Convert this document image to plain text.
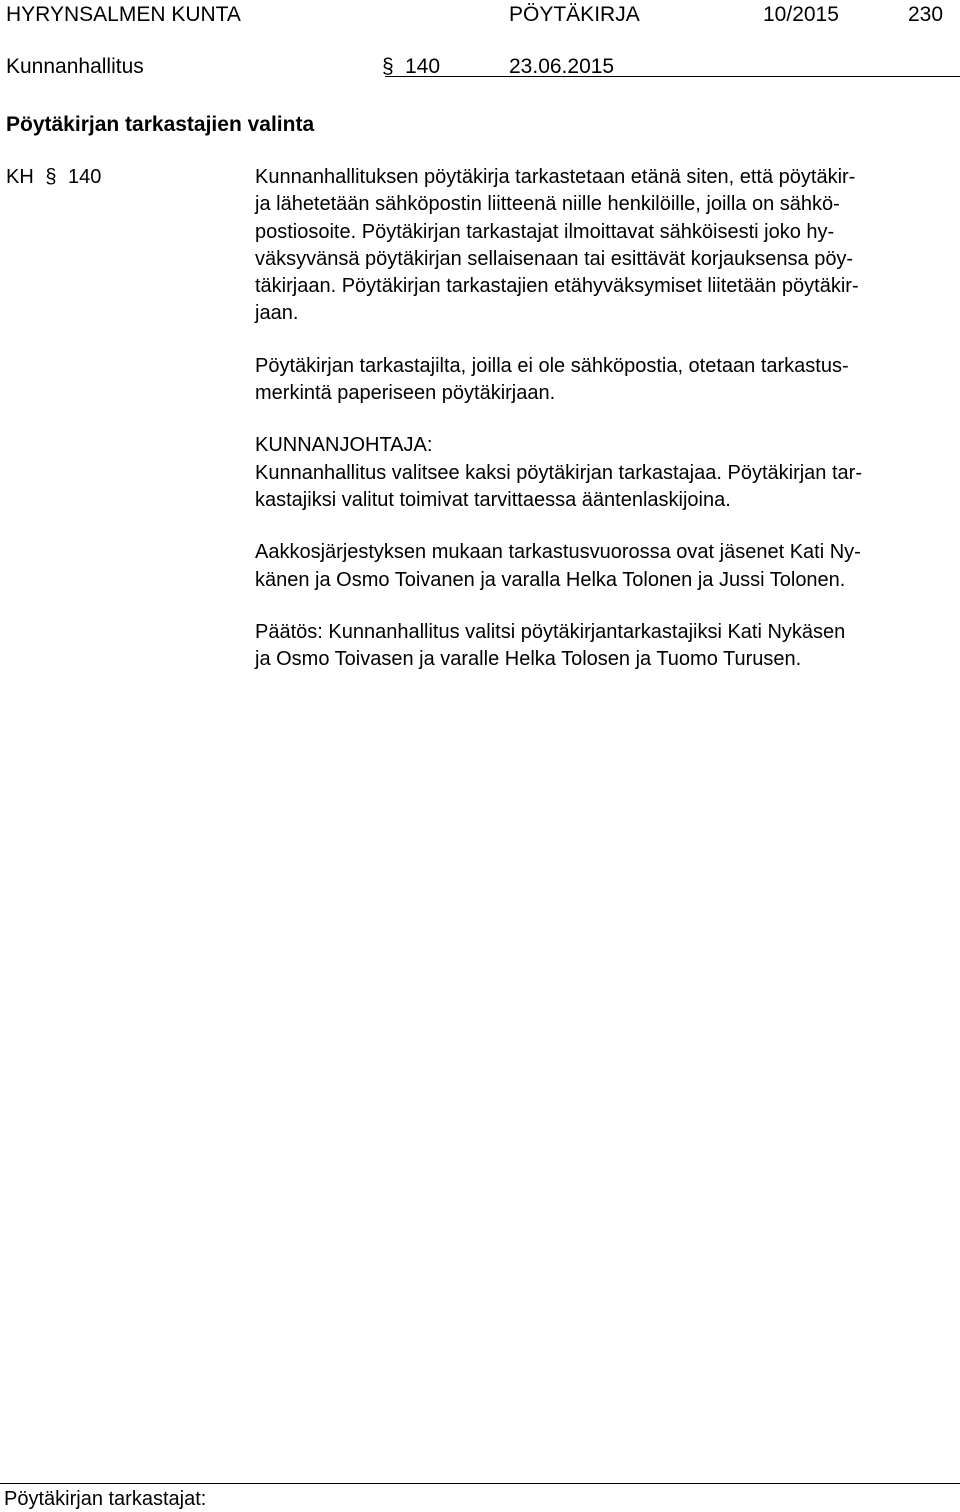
HYRYNSALMEN KUNTA	PÖYTÄKIRJA	10/2015	230
Kunnanhallitus	§ 140	23.06.2015
Pöytäkirjan tarkastajien valinta
KH § 140	Kunnanhallituksen pöytäkirja tarkastetaan etänä siten, että pöytäkir-
ja lähetetään sähköpostin liitteenä niille henkilöille, joilla on sähkö-
postiosoite. Pöytäkirjan tarkastajat ilmoittavat sähköisesti joko hy-
väksyvänsä pöytäkirjan sellaisenaan tai esittävät korjauksensa pöy-
täkirjaan. Pöytäkirjan tarkastajien etähyväksymiset liitetään pöytäkir-
jaan.
Pöytäkirjan tarkastajilta, joilla ei ole sähköpostia, otetaan tarkastus-
merkintä paperiseen pöytäkirjaan.
KUNNANJOHTAJA:
Kunnanhallitus valitsee kaksi pöytäkirjan tarkastajaa. Pöytäkirjan tar-
kastajiksi valitut toimivat tarvittaessa ääntenlaskijoina.
Aakkosjärjestyksen mukaan tarkastusvuorossa ovat jäsenet Kati Ny-
känen ja Osmo Toivanen ja varalla Helka Tolonen ja Jussi Tolonen.
Päätös: Kunnanhallitus valitsi pöytäkirjantarkastajiksi Kati Nykäsen
ja Osmo Toivasen ja varalle Helka Tolosen ja Tuomo Turusen.
Pöytäkirjan tarkastajat:
